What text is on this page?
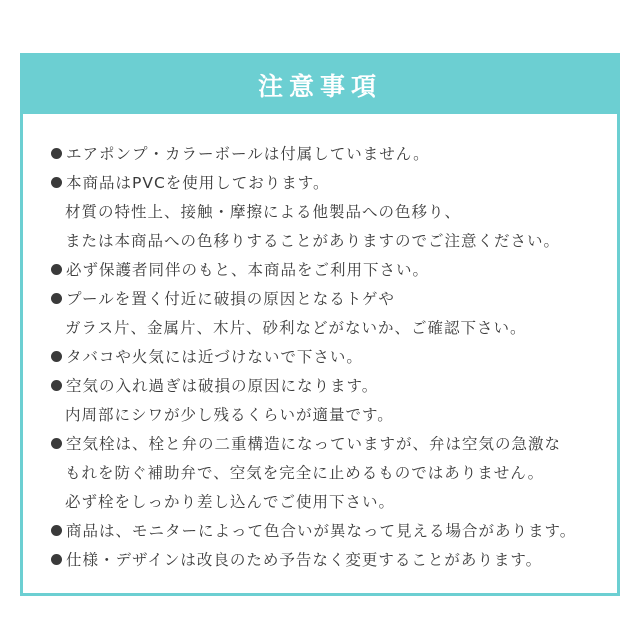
注意事項
エアポンプ・カラーボールは付属していません。
本商品はPVCを使用しております。
材質の特性上、接触・摩擦による他製品への色移り、
または本商品への色移りすることがありますのでご注意ください。
必ず保護者同伴のもと、本商品をご利用下さい。
プールを置く付近に破損の原因となるトゲや
ガラス片、金属片、木片、砂利などがないか、ご確認下さい。
タバコや火気には近づけないで下さい。
空気の入れ過ぎは破損の原因になります。
内周部にシワが少し残るくらいが適量です。
空気栓は、栓と弁の二重構造になっていますが、弁は空気の急激な
もれを防ぐ補助弁で、空気を完全に止めるものではありません。
必ず栓をしっかり差し込んでご使用下さい。
商品は、モニターによって色合いが異なって見える場合があります。
仕様・デザインは改良のため予告なく変更することがあります。
